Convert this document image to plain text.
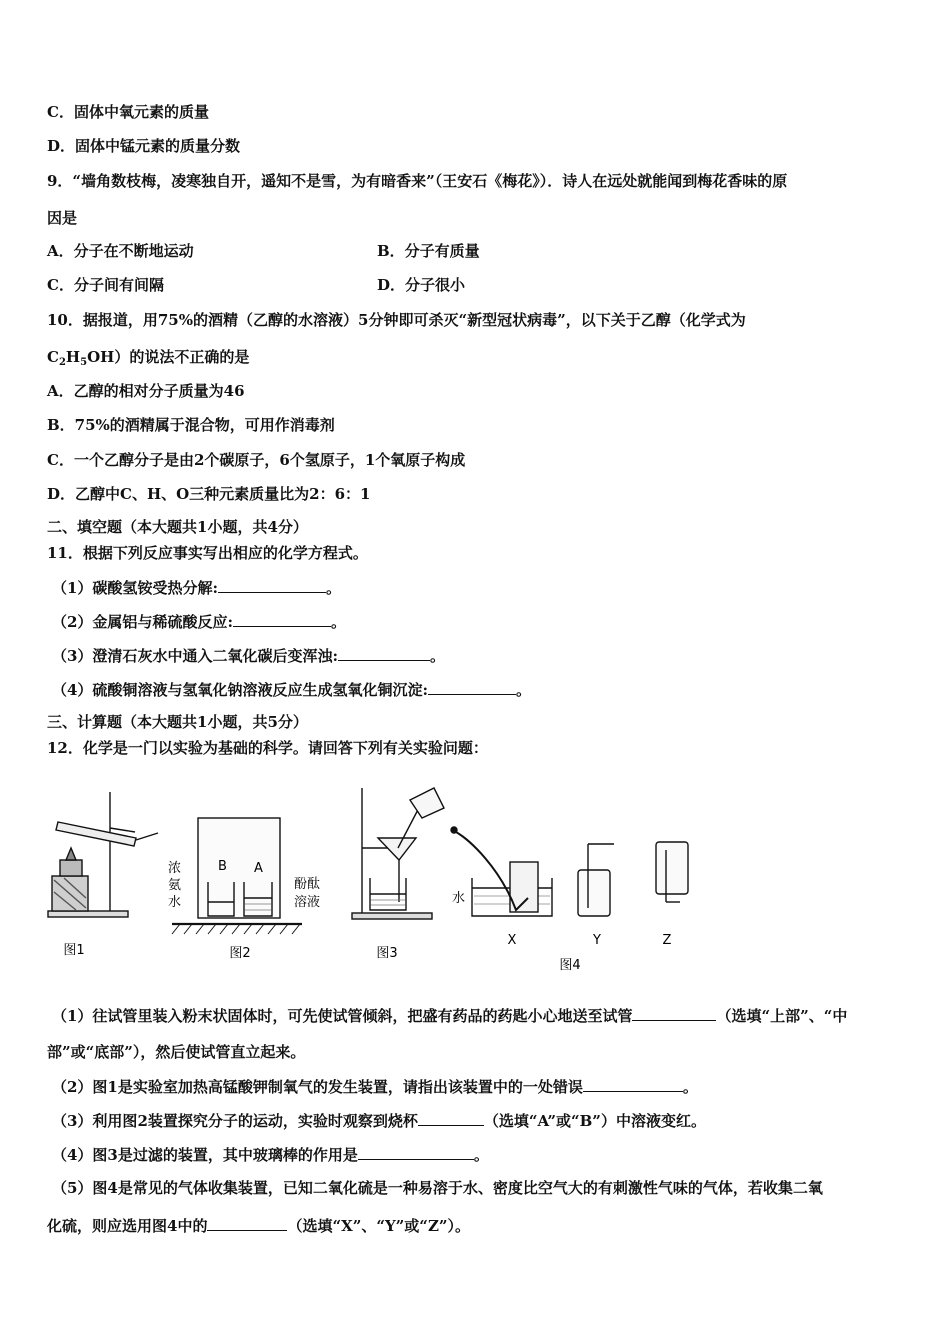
C．固体中氧元素的质量
D．固体中锰元素的质量分数
9．“墙角数枝梅，凌寒独自开，遥知不是雪，为有暗香来”（王安石《梅花》）．诗人在远处就能闻到梅花香味的原
因是
A．分子在不断地运动	B．分子有质量
C．分子间有间隔	D．分子很小
10．据报道，用75%的酒精（乙醇的水溶液）5分钟即可杀灭“新型冠状病毒”，以下关于乙醇（化学式为
$C_2H_5OH$）的说法不正确的是
A．乙醇的相对分子质量为46
B．75%的酒精属于混合物，可用作消毒剂
C．一个乙醇分子是由2个碳原子，6个氢原子，1个氧原子构成
D．乙醇中C、H、O三种元素质量比为2：6：1
二、填空题（本大题共1小题，共4分）
11．根据下列反应事实写出相应的化学方程式。
（1）碳酸氢铵受热分解:	。
（2）金属铝与稀硫酸反应:	。
（3）澄清石灰水中通入二氧化碳后变浑浊:	。
（4）硫酸铜溶液与氢氧化钠溶液反应生成氢氧化铜沉淀:	。
三、计算题（本大题共1小题，共5分）
12．化学是一门以实验为基础的科学。请回答下列有关实验问题：
图1
B A
浓
氨
水
酚酞
溶液
图2	图3
水
X	Y	Z
图4
（1）往试管里装入粉末状固体时，可先使试管倾斜，把盛有药品的药匙小心地送至试管	（选填“上部”、“中
部”或“底部”），然后使试管直立起来。
（2）图1是实验室加热高锰酸钾制氧气的发生装置，请指出该装置中的一处错误	。
（3）利用图2装置探究分子的运动，实验时观察到烧杯	（选填“A”或“B”）中溶液变红。
（4）图3是过滤的装置，其中玻璃棒的作用是	。
（5）图4是常见的气体收集装置，已知二氧化硫是一种易溶于水、密度比空气大的有刺激性气味的气体，若收集二氧
化硫，则应选用图4中的	（选填“X”、“Y”或“Z”）。
